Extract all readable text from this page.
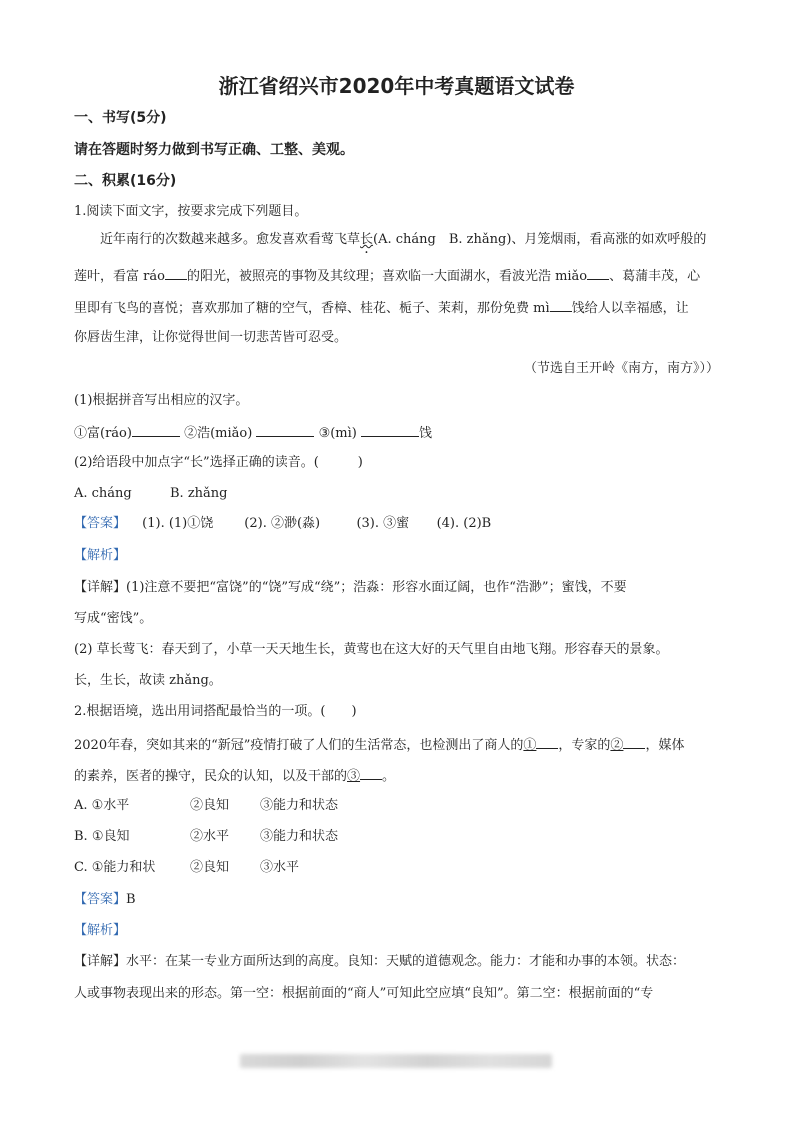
浙江省绍兴市2020年中考真题语文试卷
一、书写(5分)
请在答题时努力做到书写正确、工整、美观。
二、积累(16分)
1.阅读下面文字，按要求完成下列题目。
近年南行的次数越来越多。愈发喜欢看莺飞草长(A. cháng　B. zhǎng)、月笼烟雨，看高涨的如欢呼般的
莲叶，看富 ráo 的阳光，被照亮的事物及其纹理；喜欢临一大面湖水，看波光浩 miǎo 、葛蒲丰茂，心
里即有飞鸟的喜悦；喜欢那加了糖的空气，香樟、桂花、栀子、茉莉，那份免费 mì 饯给人以幸福感，让
你唇齿生津，让你觉得世间一切悲苦皆可忍受。
（节选自王开岭《南方，南方》））
(1)根据拼音写出相应的汉字。
①富(ráo)	②浩(miǎo)	③(mì)	饯
(2)给语段中加点字“长”选择正确的读音。(　　　)
A. cháng	B. zhǎng
【答案】 (1). (1)①饶 (2). ②渺(淼)	(3). ③蜜 (4). (2)B
【解析】
【详解】(1)注意不要把“富饶”的“饶”写成“绕”；浩淼：形容水面辽阔，也作“浩渺”；蜜饯，不要
写成“密饯”。
(2) 草长莺飞：春天到了，小草一天天地生长，黄莺也在这大好的天气里自由地飞翔。形容春天的景象。
长，生长，故读 zhǎng。
2.根据语境，选出用词搭配最恰当的一项。(　　)
2020年春，突如其来的“新冠”疫情打破了人们的生活常态，也检测出了商人的① ，专家的② ，媒体
的素养，医者的操守，民众的认知，以及干部的③ 。
A. ①水平	②良知 ③能力和状态
B. ①良知	②水平 ③能力和状态
C. ①能力和状	②良知 ③水平
【答案】B
【解析】
【详解】水平：在某一专业方面所达到的高度。良知：天赋的道德观念。能力：才能和办事的本领。状态：
人或事物表现出来的形态。第一空：根据前面的“商人”可知此空应填“良知”。第二空：根据前面的“专
